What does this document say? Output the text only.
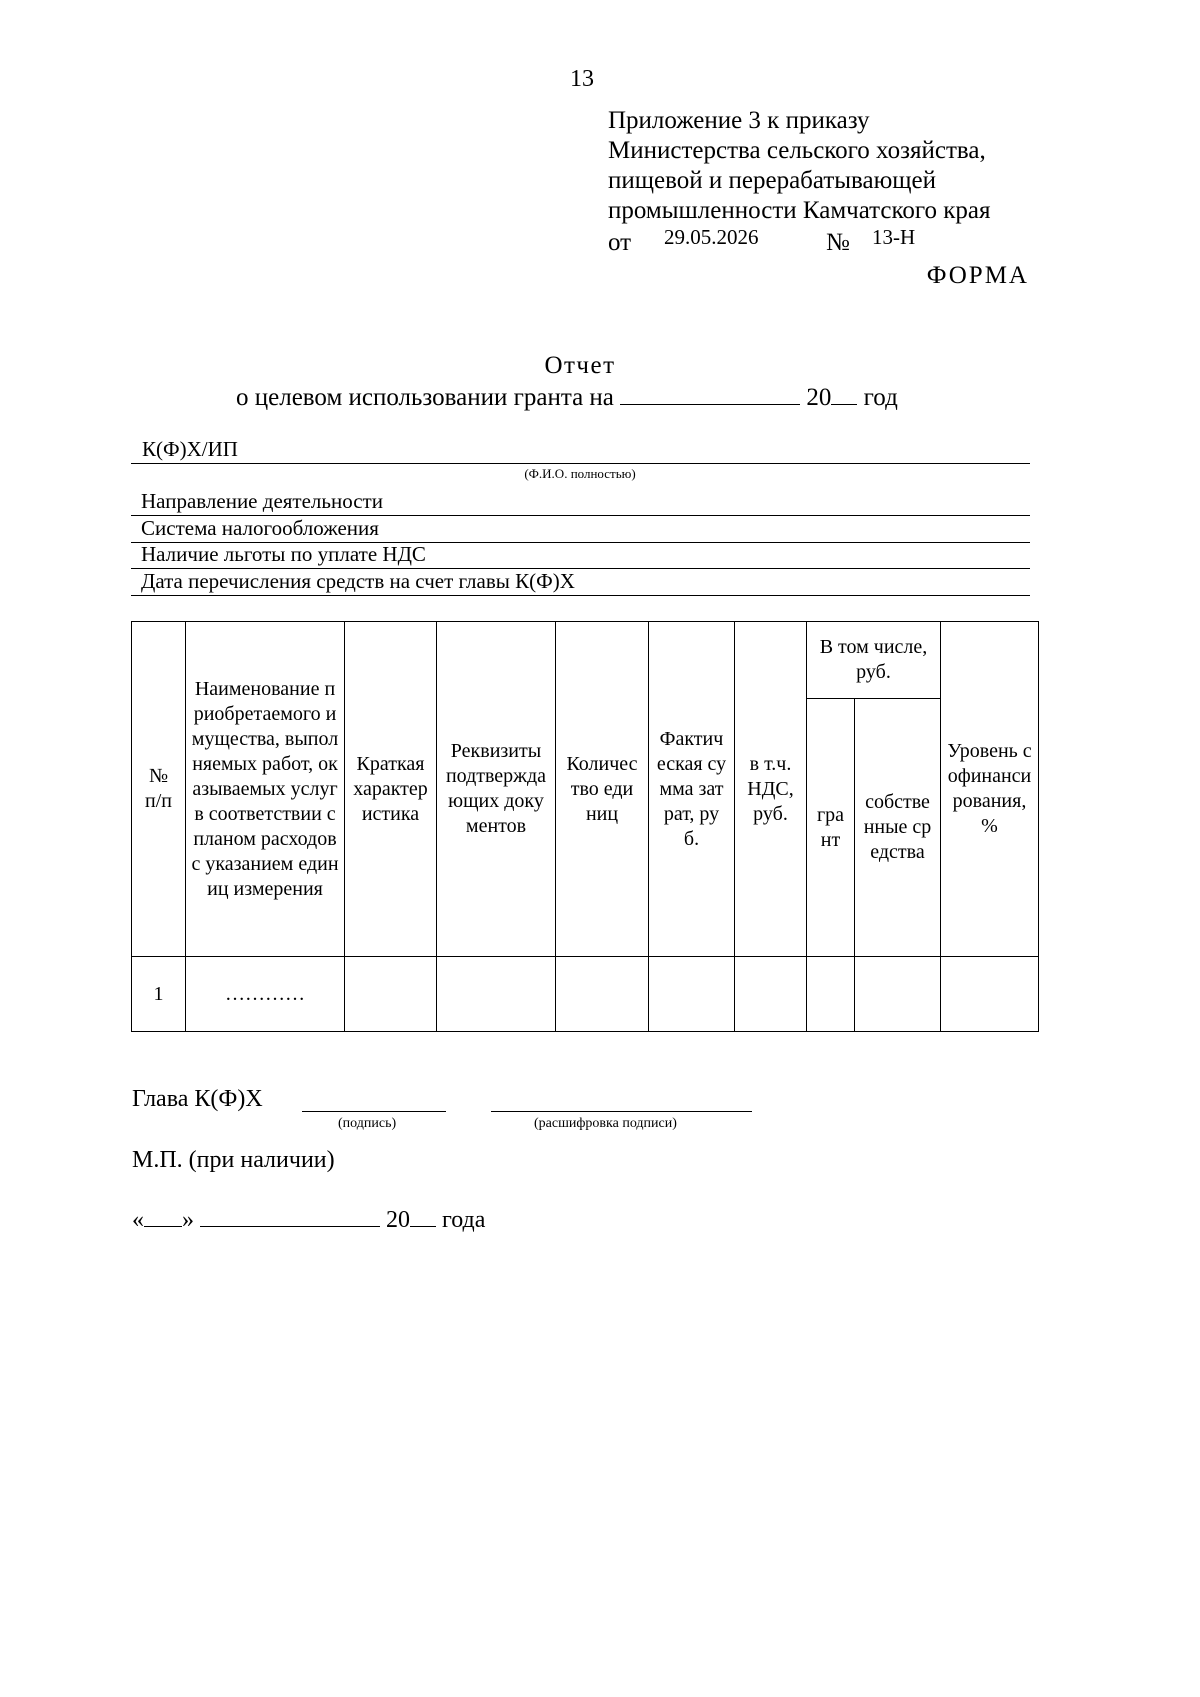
13
Приложение 3 к приказу
Министерства сельского хозяйства,
пищевой и перерабатывающей
промышленности Камчатского края
от 29.05.2026	№ 13-Н
ФОРМА
Отчет
о целевом использовании гранта на	20 год
К(Ф)Х/ИП
(Ф.И.О. полностью)
Направление деятельности
Система налогообложения
Наличие льготы по уплате НДС
Дата перечисления средств на счет главы К(Ф)Х
№ п/п	Наименование приобретаемого имущества, выполняемых работ, оказываемых услуг в соответствии с планом расходов с указанием единиц измерения	Краткая характеристика	Реквизиты подтверждающих документов	Количество единиц	Фактическая сумма затрат, руб.	в т.ч. НДС, руб.	В том числе, руб.		Уровень софинансирования, %

							грант	собственные средства	

1	…………								
Глава К(Ф)Х
(подпись)	(расшифровка подписи)
М.П. (при наличии)
« »	20 года
